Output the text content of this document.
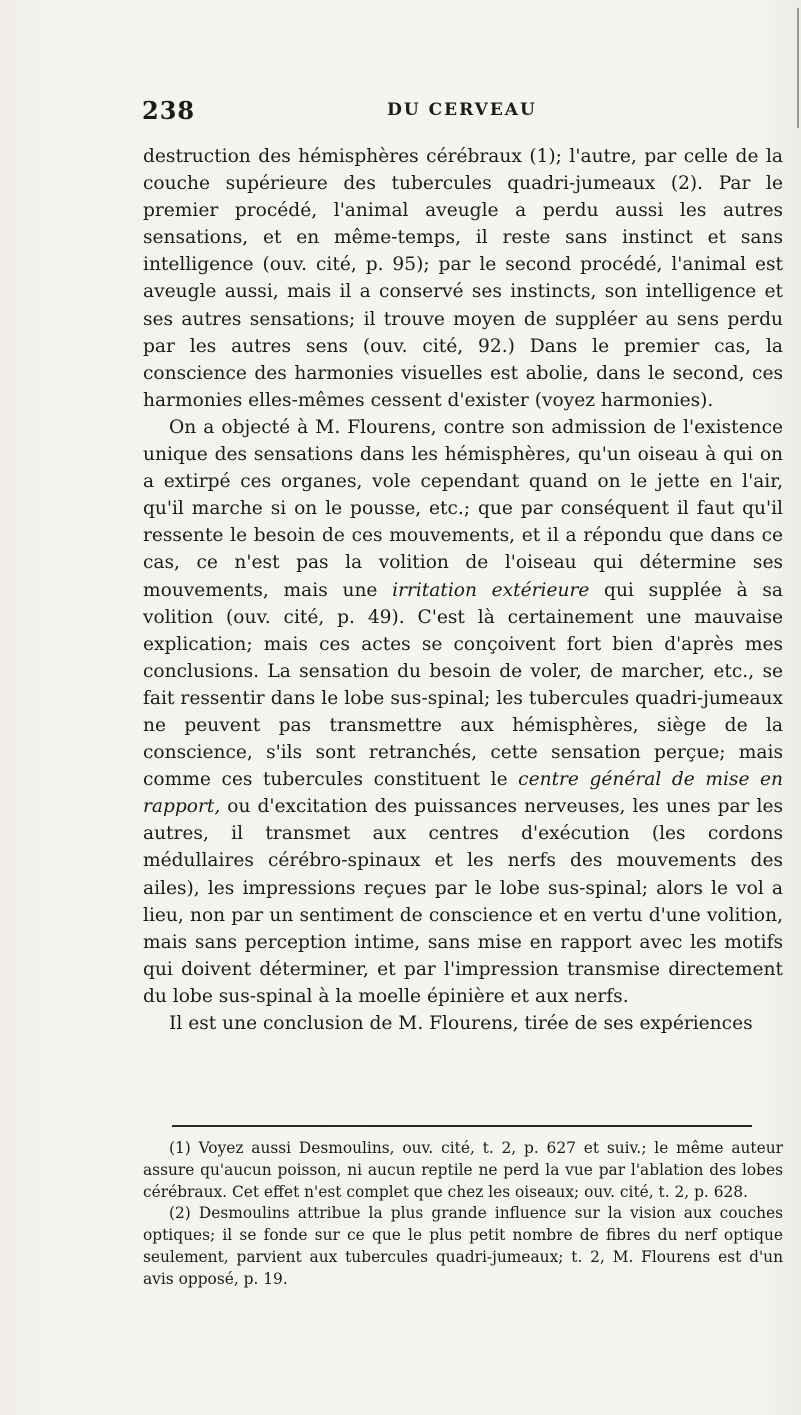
238	DU CERVEAU

destruction des hémisphères cérébraux (1); l'autre, par celle de la couche supérieure des tubercules quadri-jumeaux (2). Par le premier procédé, l'animal aveugle a perdu aussi les autres sensations, et en même-temps, il reste sans instinct et sans intelligence (ouv. cité, p. 95); par le second procédé, l'animal est aveugle aussi, mais il a conservé ses instincts, son intelligence et ses autres sensations; il trouve moyen de suppléer au sens perdu par les autres sens (ouv. cité, 92.) Dans le premier cas, la conscience des harmonies visuelles est abolie, dans le second, ces harmonies elles-mêmes cessent d'exister (voyez harmonies).

On a objecté à M. Flourens, contre son admission de l'existence unique des sensations dans les hémisphères, qu'un oiseau à qui on a extirpé ces organes, vole cependant quand on le jette en l'air, qu'il marche si on le pousse, etc.; que par conséquent il faut qu'il ressente le besoin de ces mouvements, et il a répondu que dans ce cas, ce n'est pas la volition de l'oiseau qui détermine ses mouvements, mais une irritation extérieure qui supplée à sa volition (ouv. cité, p. 49). C'est là certainement une mauvaise explication; mais ces actes se conçoivent fort bien d'après mes conclusions. La sensation du besoin de voler, de marcher, etc., se fait ressentir dans le lobe sus-spinal; les tubercules quadri-jumeaux ne peuvent pas transmettre aux hémisphères, siège de la conscience, s'ils sont retranchés, cette sensation perçue; mais comme ces tubercules constituent le centre général de mise en rapport, ou d'excitation des puissances nerveuses, les unes par les autres, il transmet aux centres d'exécution (les cordons médullaires cérébro-spinaux et les nerfs des mouvements des ailes), les impressions reçues par le lobe sus-spinal; alors le vol a lieu, non par un sentiment de conscience et en vertu d'une volition, mais sans perception intime, sans mise en rapport avec les motifs qui doivent déterminer, et par l'impression transmise directement du lobe sus-spinal à la moelle épinière et aux nerfs.

Il est une conclusion de M. Flourens, tirée de ses expériences

(1) Voyez aussi Desmoulins, ouv. cité, t. 2, p. 627 et suiv.; le même auteur assure qu'aucun poisson, ni aucun reptile ne perd la vue par l'ablation des lobes cérébraux. Cet effet n'est complet que chez les oiseaux; ouv. cité, t. 2, p. 628.

(2) Desmoulins attribue la plus grande influence sur la vision aux couches optiques; il se fonde sur ce que le plus petit nombre de fibres du nerf optique seulement, parvient aux tubercules quadri-jumeaux; t. 2, M. Flourens est d'un avis opposé, p. 19.
